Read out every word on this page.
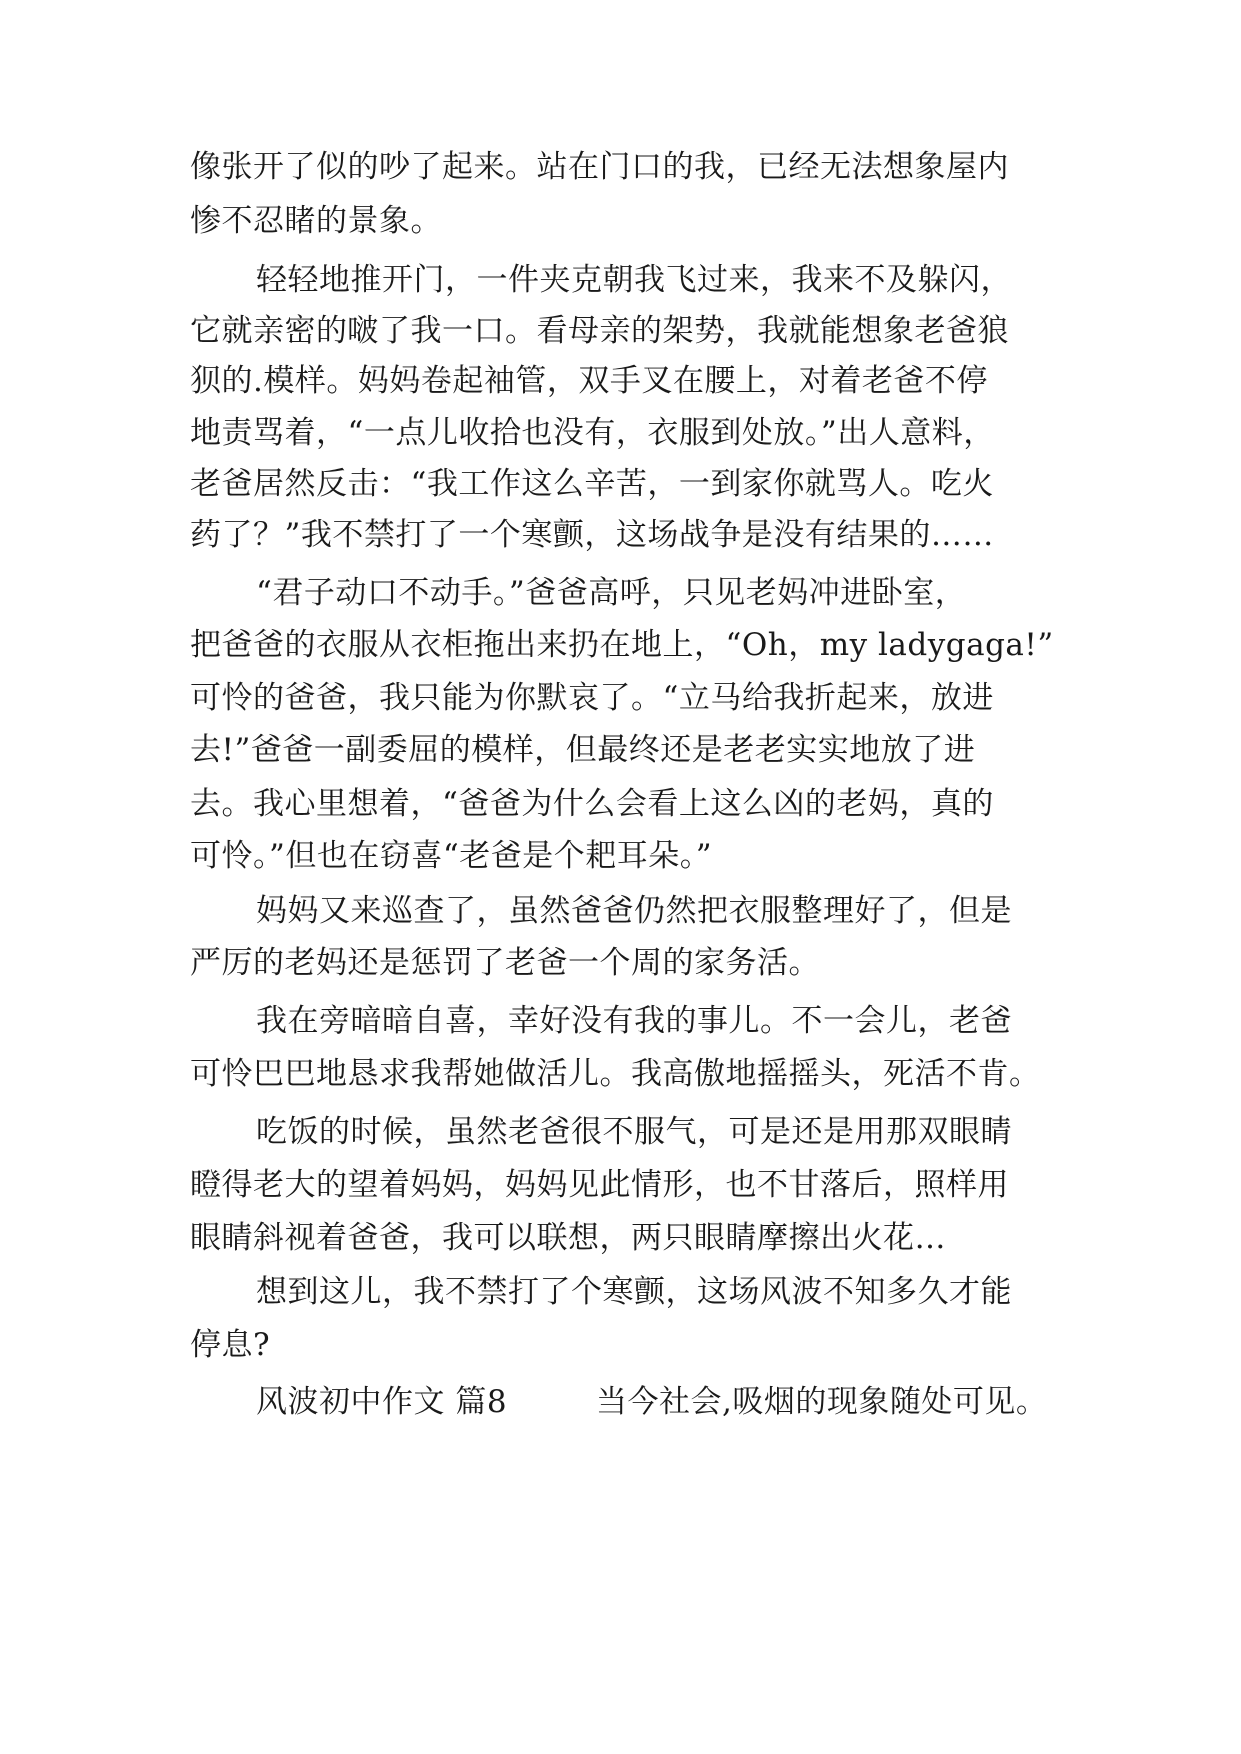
像张开了似的吵了起来。站在门口的我，已经无法想象屋内
惨不忍睹的景象。
轻轻地推开门，一件夹克朝我飞过来，我来不及躲闪，
它就亲密的啵了我一口。看母亲的架势，我就能想象老爸狼
狈的.模样。妈妈卷起袖管，双手叉在腰上，对着老爸不停
地责骂着，“一点儿收拾也没有，衣服到处放。”出人意料，
老爸居然反击：“我工作这么辛苦，一到家你就骂人。吃火
药了？”我不禁打了一个寒颤，这场战争是没有结果的……
“君子动口不动手。”爸爸高呼，只见老妈冲进卧室，
把爸爸的衣服从衣柜拖出来扔在地上，“Oh，my ladygaga!”
可怜的爸爸，我只能为你默哀了。“立马给我折起来，放进
去!”爸爸一副委屈的模样，但最终还是老老实实地放了进
去。我心里想着，“爸爸为什么会看上这么凶的老妈，真的
可怜。”但也在窃喜“老爸是个耙耳朵。”
妈妈又来巡查了，虽然爸爸仍然把衣服整理好了，但是
严厉的老妈还是惩罚了老爸一个周的家务活。
我在旁暗暗自喜，幸好没有我的事儿。不一会儿，老爸
可怜巴巴地恳求我帮她做活儿。我高傲地摇摇头，死活不肯。
吃饭的时候，虽然老爸很不服气，可是还是用那双眼睛
瞪得老大的望着妈妈，妈妈见此情形，也不甘落后，照样用
眼睛斜视着爸爸，我可以联想，两只眼睛摩擦出火花…
想到这儿，我不禁打了个寒颤，这场风波不知多久才能
停息?
风波初中作文 篇8	当今社会,吸烟的现象随处可见。
